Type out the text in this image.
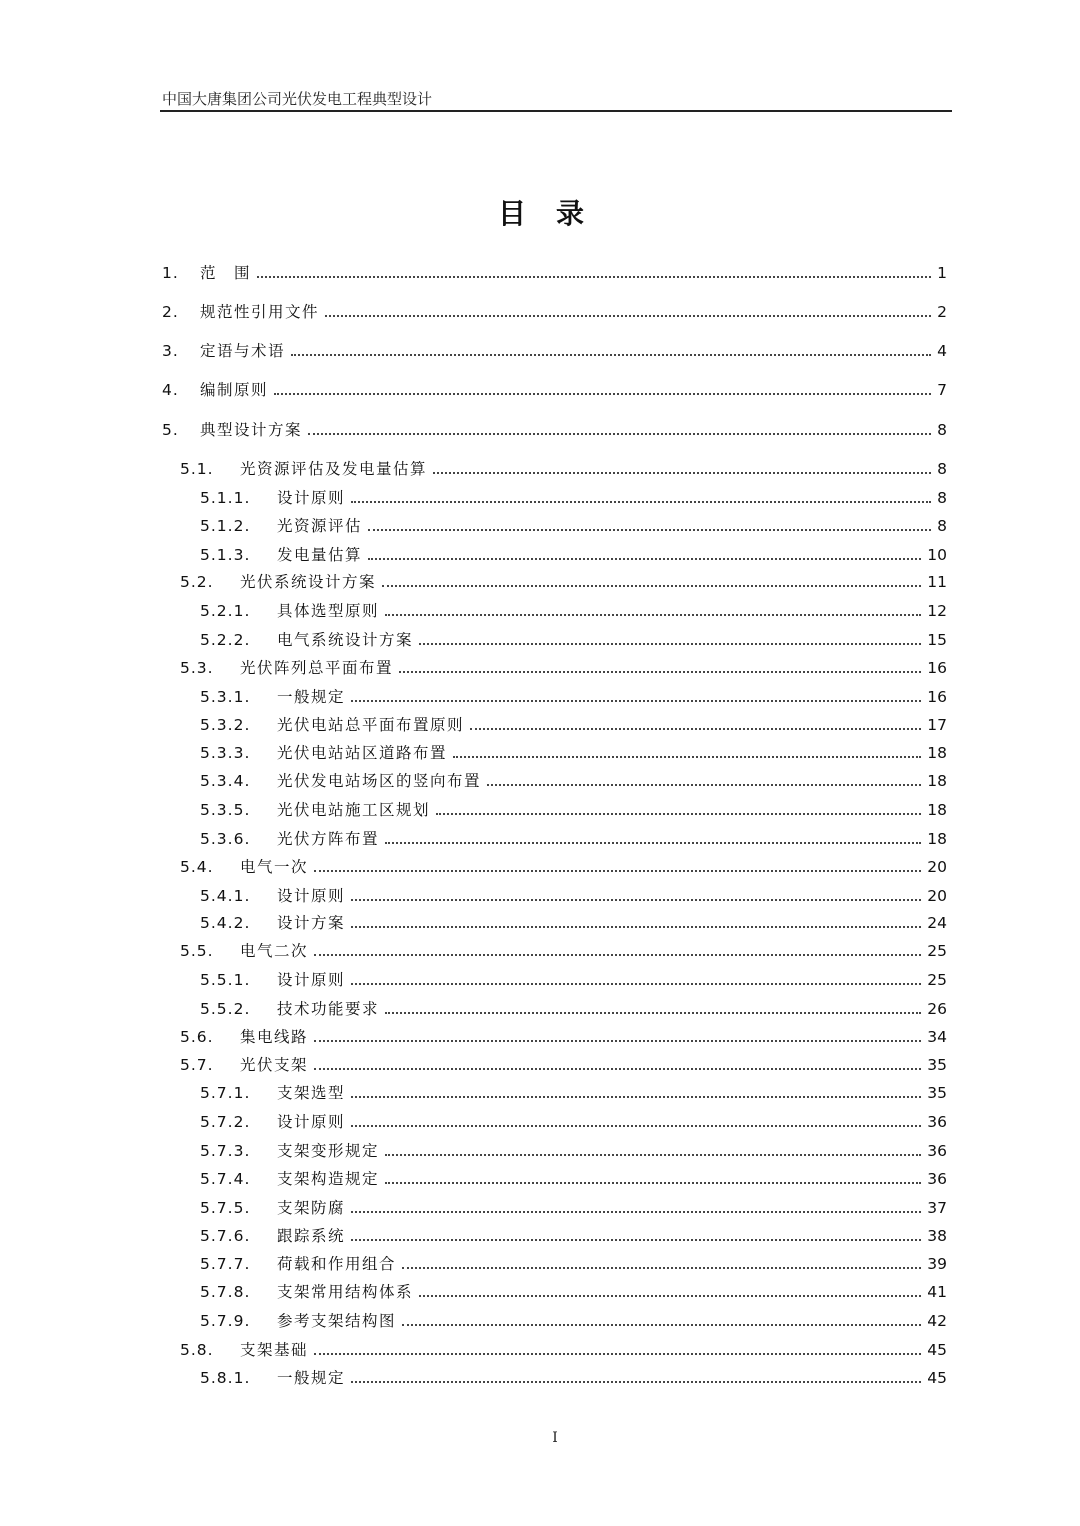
中国大唐集团公司光伏发电工程典型设计
目录
1.	范　围	1
2.	规范性引用文件	2
3.	定语与术语	4
4.	编制原则	7
5.	典型设计方案	8
5.1.	光资源评估及发电量估算	8
5.1.1.	设计原则	8
5.1.2.	光资源评估	8
5.1.3.	发电量估算	10
5.2.	光伏系统设计方案	11
5.2.1.	具体选型原则	12
5.2.2.	电气系统设计方案	15
5.3.	光伏阵列总平面布置	16
5.3.1.	一般规定	16
5.3.2.	光伏电站总平面布置原则	17
5.3.3.	光伏电站站区道路布置	18
5.3.4.	光伏发电站场区的竖向布置	18
5.3.5.	光伏电站施工区规划	18
5.3.6.	光伏方阵布置	18
5.4.	电气一次	20
5.4.1.	设计原则	20
5.4.2.	设计方案	24
5.5.	电气二次	25
5.5.1.	设计原则	25
5.5.2.	技术功能要求	26
5.6.	集电线路	34
5.7.	光伏支架	35
5.7.1.	支架选型	35
5.7.2.	设计原则	36
5.7.3.	支架变形规定	36
5.7.4.	支架构造规定	36
5.7.5.	支架防腐	37
5.7.6.	跟踪系统	38
5.7.7.	荷载和作用组合	39
5.7.8.	支架常用结构体系	41
5.7.9.	参考支架结构图	42
5.8.	支架基础	45
5.8.1.	一般规定	45
I
